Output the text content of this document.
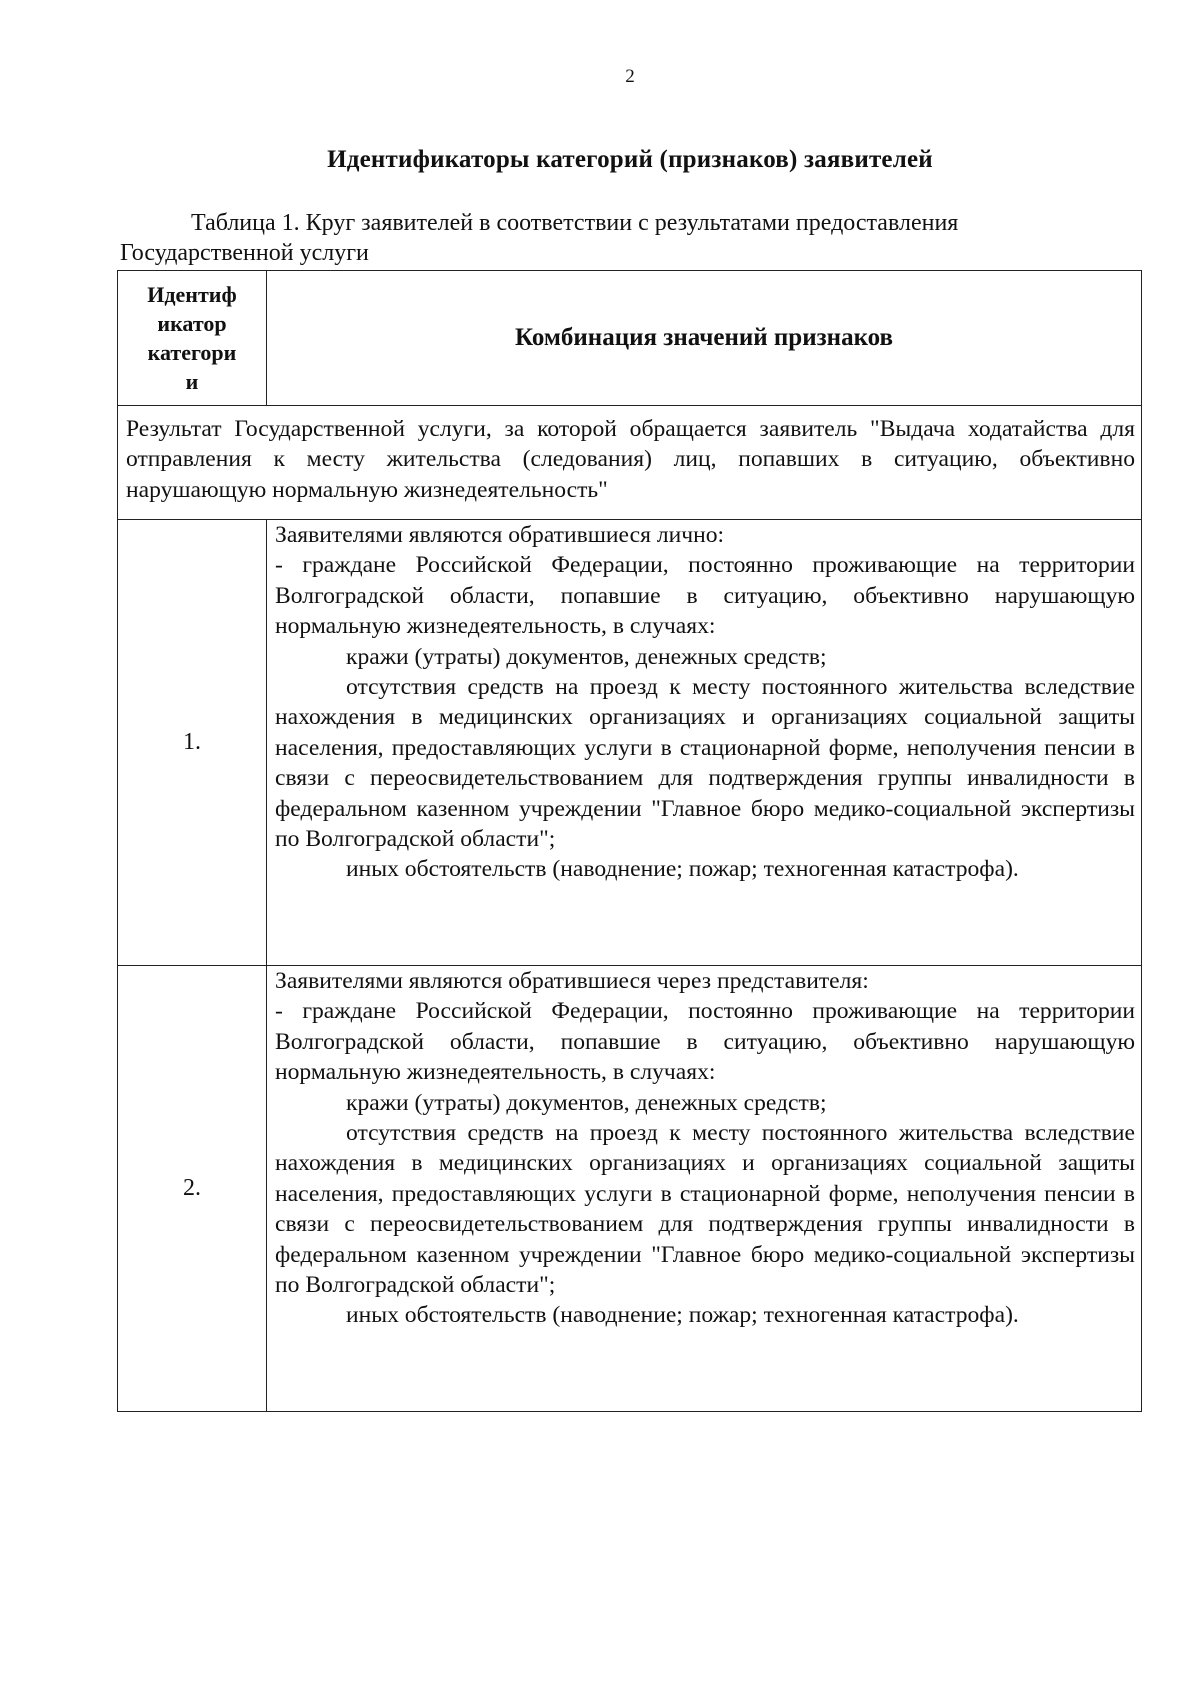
2
Идентификаторы категорий (признаков) заявителей
Таблица 1. Круг заявителей в соответствии с результатами предоставления
Государственной услуги
Идентиф
икатор
категори
и	Комбинация значений признаков
Результат Государственной услуги, за которой обращается заявитель "Выдача ходатайства для отправления к месту жительства (следования) лиц, попавших в ситуацию, объективно нарушающую нормальную жизнедеятельность"	
1.	Заявителями являются обратившиеся лично:
- граждане Российской Федерации, постоянно проживающие на территории Волгоградской области, попавшие в ситуацию, объективно нарушающую нормальную жизнедеятельность, в случаях:
кражи (утраты) документов, денежных средств;
отсутствия средств на проезд к месту постоянного жительства вследствие нахождения в медицинских организациях и организациях социальной защиты населения, предоставляющих услуги в стационарной форме, неполучения пенсии в связи с переосвидетельствованием для подтверждения группы инвалидности в федеральном казенном учреждении "Главное бюро медико-социальной экспертизы по Волгоградской области";
иных обстоятельств (наводнение; пожар; техногенная катастрофа).

2.	Заявителями являются обратившиеся через представителя:
- граждане Российской Федерации, постоянно проживающие на территории Волгоградской области, попавшие в ситуацию, объективно нарушающую нормальную жизнедеятельность, в случаях:
кражи (утраты) документов, денежных средств;
отсутствия средств на проезд к месту постоянного жительства вследствие нахождения в медицинских организациях и организациях социальной защиты населения, предоставляющих услуги в стационарной форме, неполучения пенсии в связи с переосвидетельствованием для подтверждения группы инвалидности в федеральном казенном учреждении "Главное бюро медико-социальной экспертизы по Волгоградской области";
иных обстоятельств (наводнение; пожар; техногенная катастрофа).
